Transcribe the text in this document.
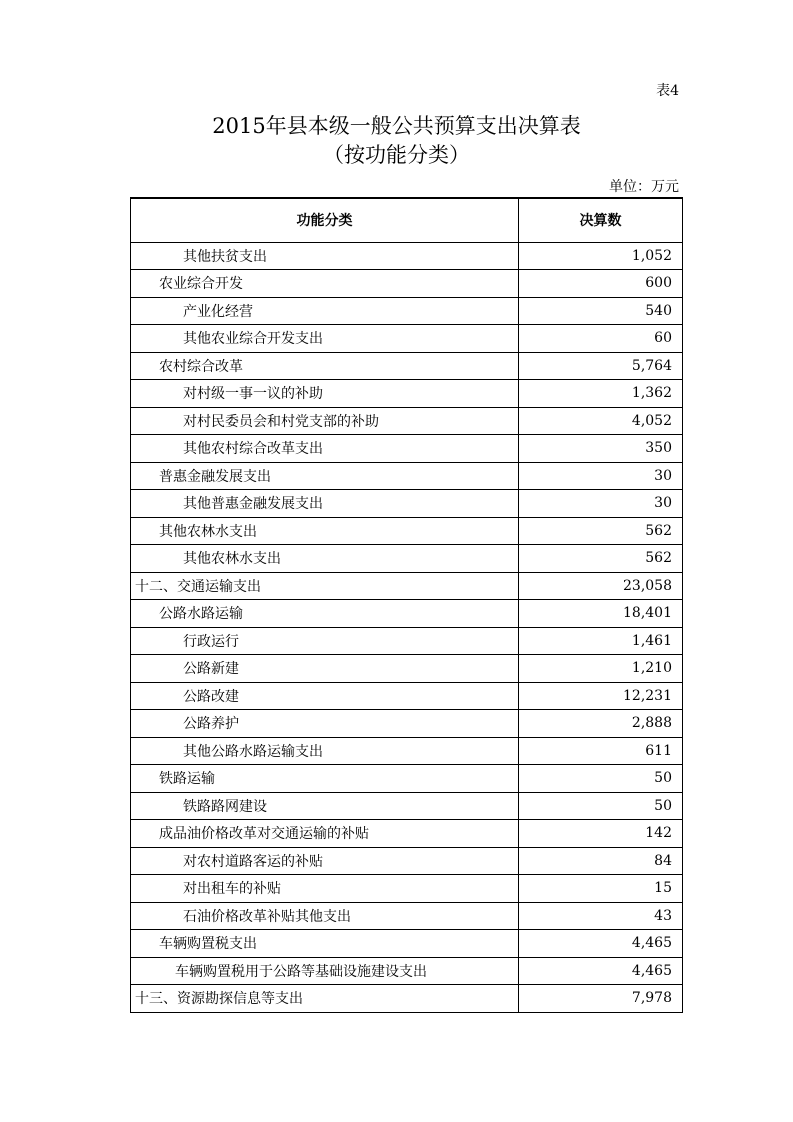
表4
2015年县本级一般公共预算支出决算表
（按功能分类）
单位：万元
功能分类	决算数
其他扶贫支出	1,052
农业综合开发	600
产业化经营	540
其他农业综合开发支出	60
农村综合改革	5,764
对村级一事一议的补助	1,362
对村民委员会和村党支部的补助	4,052
其他农村综合改革支出	350
普惠金融发展支出	30
其他普惠金融发展支出	30
其他农林水支出	562
其他农林水支出	562
十二、交通运输支出	23,058
公路水路运输	18,401
行政运行	1,461
公路新建	1,210
公路改建	12,231
公路养护	2,888
其他公路水路运输支出	611
铁路运输	50
铁路路网建设	50
成品油价格改革对交通运输的补贴	142
对农村道路客运的补贴	84
对出租车的补贴	15
石油价格改革补贴其他支出	43
车辆购置税支出	4,465
车辆购置税用于公路等基础设施建设支出	4,465
十三、资源勘探信息等支出	7,978
